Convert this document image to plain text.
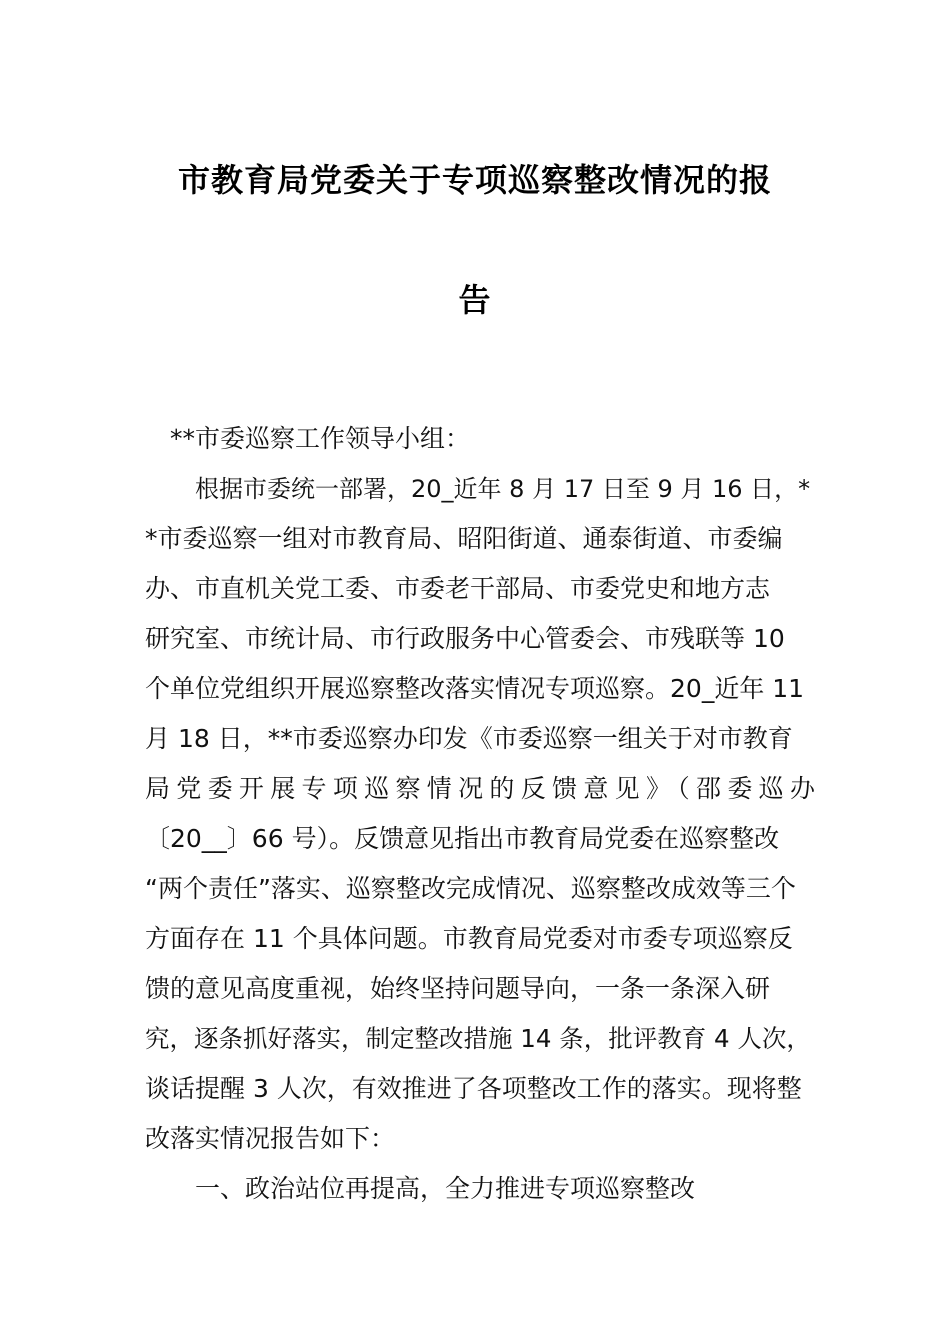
市教育局党委关于专项巡察整改情况的报
告
**市委巡察工作领导小组：
根据市委统一部署，20_近年 8 月 17 日至 9 月 16 日，*
*市委巡察一组对市教育局、昭阳街道、通泰街道、市委编
办、市直机关党工委、市委老干部局、市委党史和地方志
研究室、市统计局、市行政服务中心管委会、市残联等 10
个单位党组织开展巡察整改落实情况专项巡察。20_近年 11
月 18 日，**市委巡察办印发《市委巡察一组关于对市教育
局党委开展专项巡察情况的反馈意见》（邵委巡办
〔20__〕66 号）。反馈意见指出市教育局党委在巡察整改
“两个责任”落实、巡察整改完成情况、巡察整改成效等三个
方面存在 11 个具体问题。市教育局党委对市委专项巡察反
馈的意见高度重视，始终坚持问题导向，一条一条深入研
究，逐条抓好落实，制定整改措施 14 条，批评教育 4 人次，
谈话提醒 3 人次，有效推进了各项整改工作的落实。现将整
改落实情况报告如下：
一、政治站位再提高，全力推进专项巡察整改
